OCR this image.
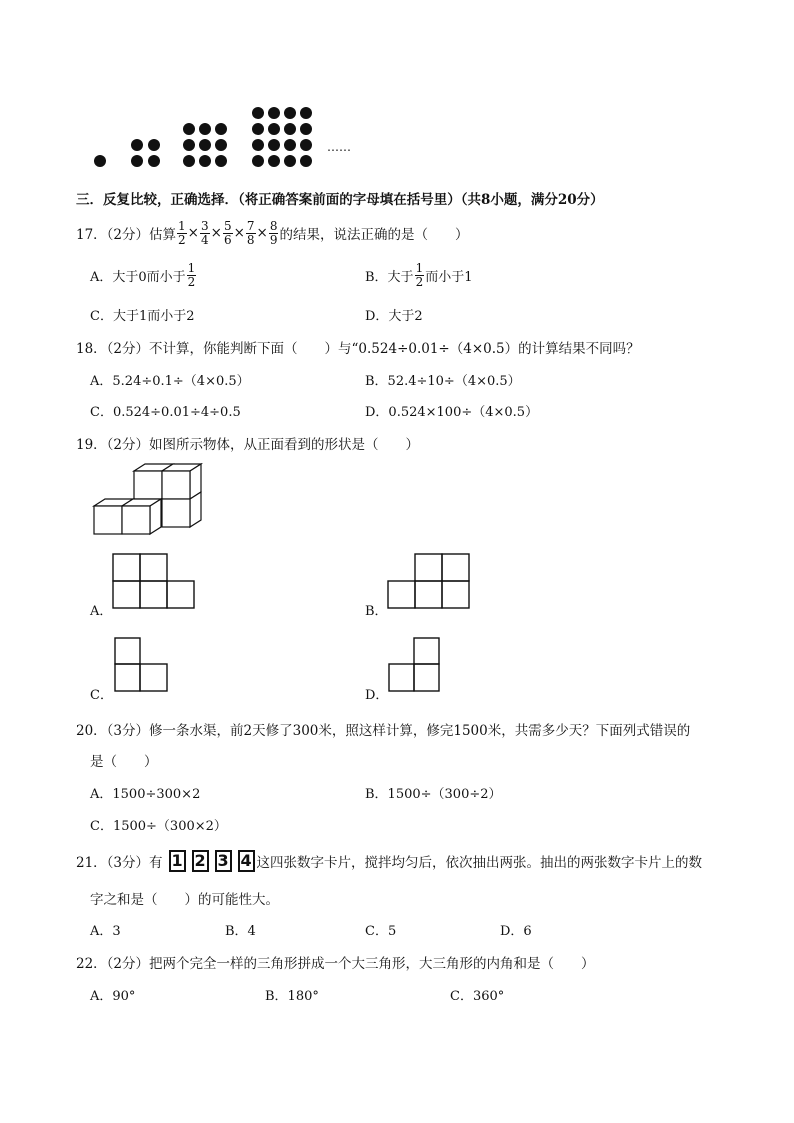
……
三．反复比较，正确选择．（将正确答案前面的字母填在括号里）（共8小题，满分20分）
17．（2分）估算 $\frac{1}{2} \times \frac{3}{4} \times \frac{5}{6} \times \frac{7}{8} \times \frac{8}{9}$ 的结果，说法正确的是（　　）
A．大于0而小于 $\frac{1}{2}$	B．大于 $\frac{1}{2}$ 而小于1
C．大于1而小于2	D．大于2
18．（2分）不计算，你能判断下面（　　）与“0.524÷0.01÷（4×0.5）的计算结果不同吗？
A．5.24÷0.1÷（4×0.5）	B．52.4÷10÷（4×0.5）
C．0.524÷0.01÷4÷0.5	D．0.524×100÷（4×0.5）
19．（2分）如图所示物体，从正面看到的形状是（　　）
A．	B．
C．	D．
20．（3分）修一条水渠，前2天修了300米，照这样计算，修完1500米，共需多少天？下面列式错误的
是（　　）
A．1500÷300×2	B．1500÷（300÷2）
C．1500÷（300×2）
21．（3分）有 1 2 3 4 这四张数字卡片，搅拌均匀后，依次抽出两张。抽出的两张数字卡片上的数
字之和是（　　）的可能性大。
A．3	B．4	C．5	D．6
22．（2分）把两个完全一样的三角形拼成一个大三角形，大三角形的内角和是（　　）
A．90°	B．180°	C．360°
